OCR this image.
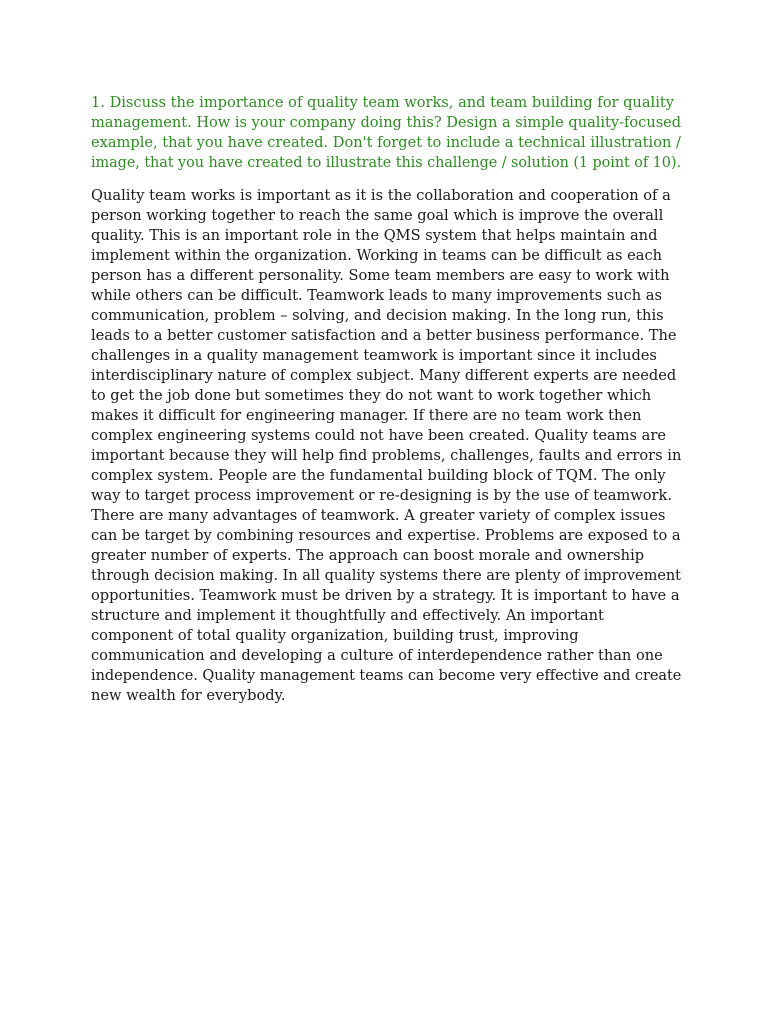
1. Discuss the importance of quality team works, and team building for quality
management. How is your company doing this? Design a simple quality-focused
example, that you have created. Don't forget to include a technical illustration /
image, that you have created to illustrate this challenge / solution (1 point of 10).
Quality team works is important as it is the collaboration and cooperation of a
person working together to reach the same goal which is improve the overall
quality. This is an important role in the QMS system that helps maintain and
implement within the organization. Working in teams can be difficult as each
person has a different personality. Some team members are easy to work with
while others can be difficult. Teamwork leads to many improvements such as
communication, problem – solving, and decision making. In the long run, this
leads to a better customer satisfaction and a better business performance. The
challenges in a quality management teamwork is important since it includes
interdisciplinary nature of complex subject. Many different experts are needed
to get the job done but sometimes they do not want to work together which
makes it difficult for engineering manager. If there are no team work then
complex engineering systems could not have been created. Quality teams are
important because they will help find problems, challenges, faults and errors in
complex system. People are the fundamental building block of TQM. The only
way to target process improvement or re-designing is by the use of teamwork.
There are many advantages of teamwork. A greater variety of complex issues
can be target by combining resources and expertise. Problems are exposed to a
greater number of experts. The approach can boost morale and ownership
through decision making. In all quality systems there are plenty of improvement
opportunities. Teamwork must be driven by a strategy. It is important to have a
structure and implement it thoughtfully and effectively. An important
component of total quality organization, building trust, improving
communication and developing a culture of interdependence rather than one
independence. Quality management teams can become very effective and create
new wealth for everybody.
